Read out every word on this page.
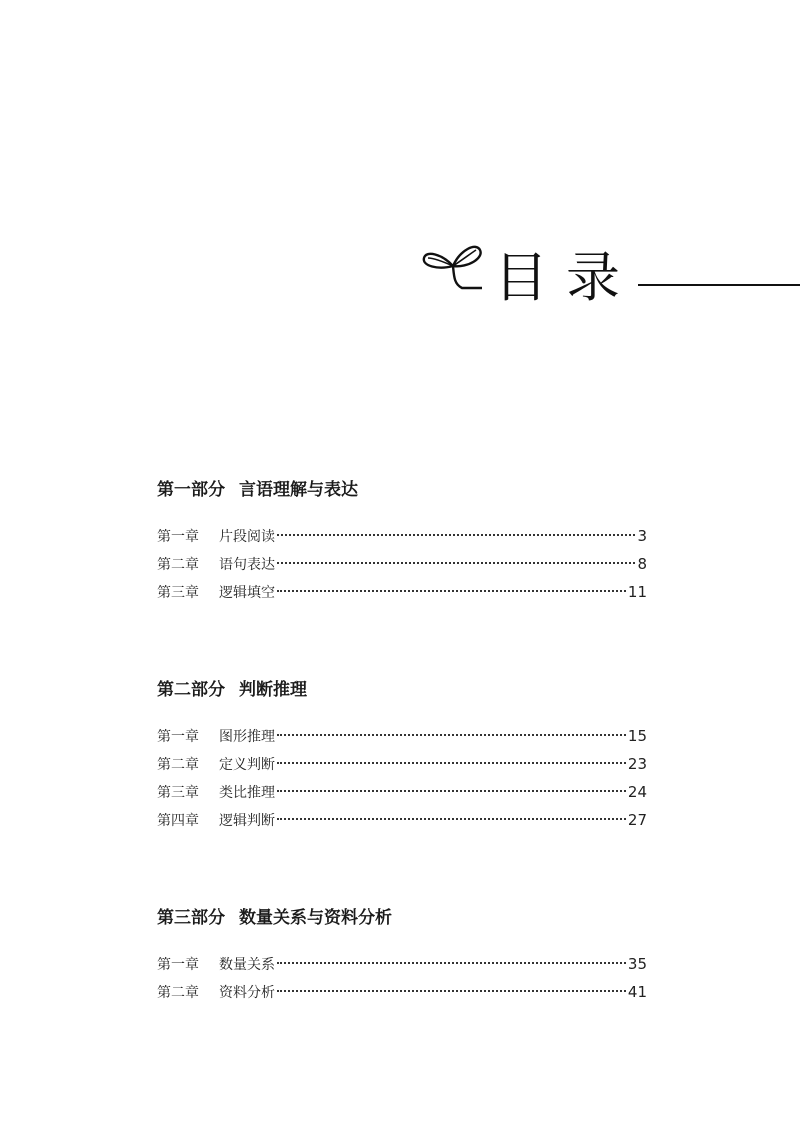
目录
第一部分 言语理解与表达
第一章	片段阅读	3
第二章	语句表达	8
第三章	逻辑填空	11
第二部分 判断推理
第一章	图形推理	15
第二章	定义判断	23
第三章	类比推理	24
第四章	逻辑判断	27
第三部分 数量关系与资料分析
第一章	数量关系	35
第二章	资料分析	41
